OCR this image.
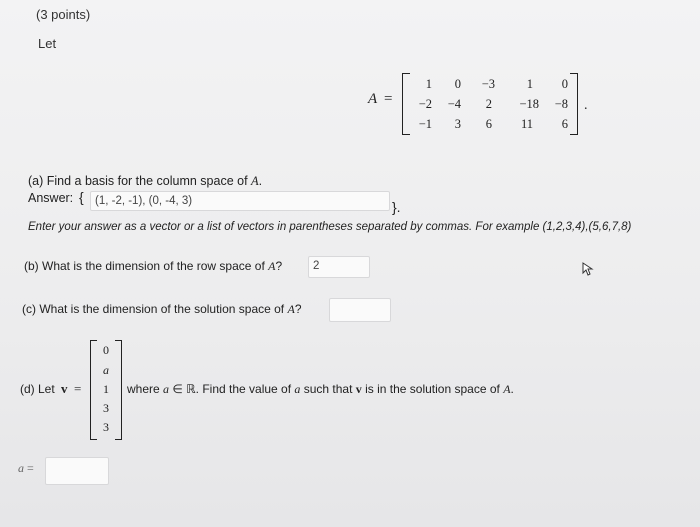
(3 points)
Let
A =
1	0	−3	1	0
−2	−4	2	−18	−8
−1	3	6	11	6
.
(a) Find a basis for the column space of A.
Answer: { (1, -2, -1), (0, -4, 3)	}.
Enter your answer as a vector or a list of vectors in parentheses separated by commas. For example (1,2,3,4),(5,6,7,8)
(b) What is the dimension of the row space of A?	2
(c) What is the dimension of the solution space of A?
(d) Let v =
0
a
1
3
3
where a ∈ ℝ. Find the value of a such that v is in the solution space of A.
a =
